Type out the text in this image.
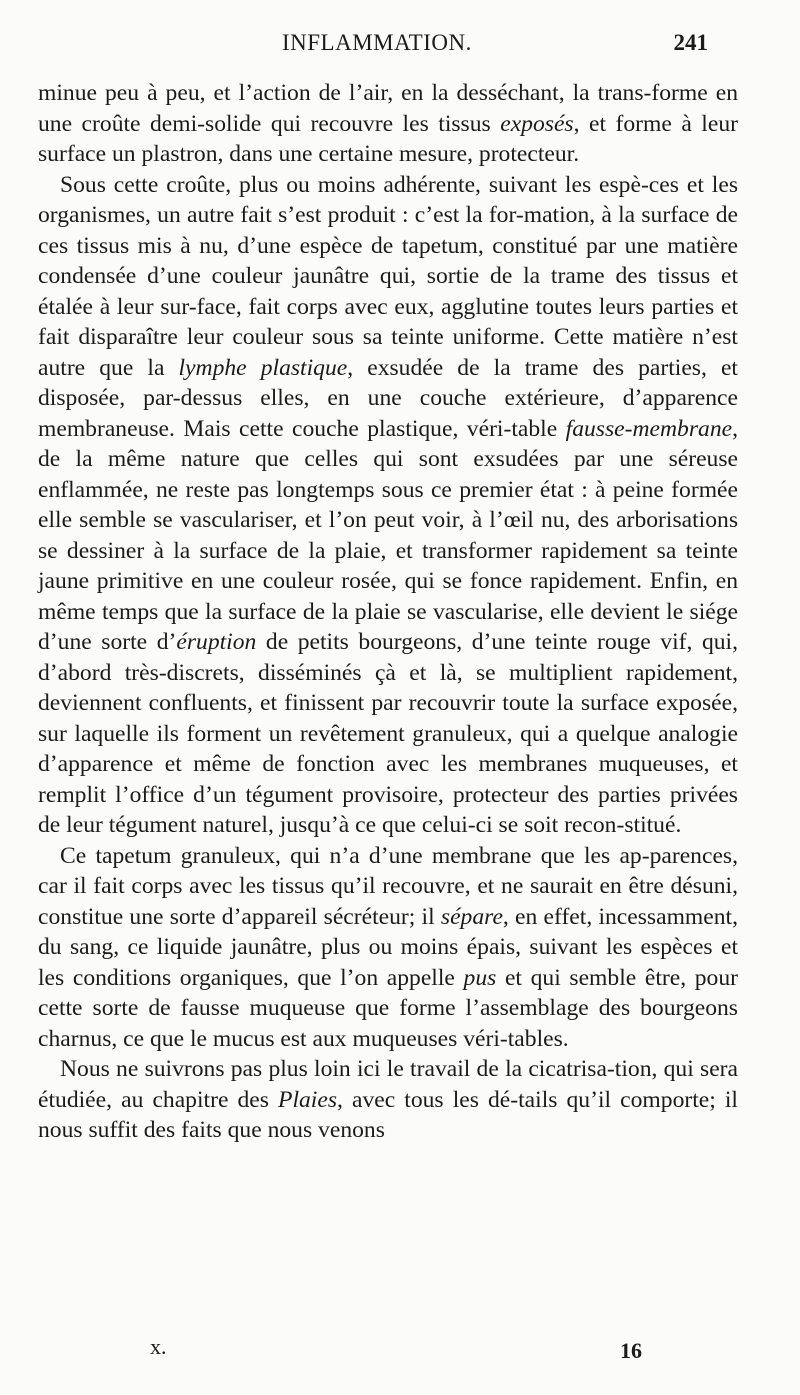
INFLAMMATION.	241

minue peu à peu, et l’action de l’air, en la desséchant, la trans-forme en une croûte demi-solide qui recouvre les tissus exposés, et forme à leur surface un plastron, dans une certaine mesure, protecteur.

Sous cette croûte, plus ou moins adhérente, suivant les espè-ces et les organismes, un autre fait s’est produit : c’est la for-mation, à la surface de ces tissus mis à nu, d’une espèce de tapetum, constitué par une matière condensée d’une couleur jaunâtre qui, sortie de la trame des tissus et étalée à leur sur-face, fait corps avec eux, agglutine toutes leurs parties et fait disparaître leur couleur sous sa teinte uniforme. Cette matière n’est autre que la lymphe plastique, exsudée de la trame des parties, et disposée, par-dessus elles, en une couche extérieure, d’apparence membraneuse. Mais cette couche plastique, véri-table fausse-membrane, de la même nature que celles qui sont exsudées par une séreuse enflammée, ne reste pas longtemps sous ce premier état : à peine formée elle semble se vasculariser, et l’on peut voir, à l’œil nu, des arborisations se dessiner à la surface de la plaie, et transformer rapidement sa teinte jaune primitive en une couleur rosée, qui se fonce rapidement. Enfin, en même temps que la surface de la plaie se vascularise, elle devient le siége d’une sorte d’éruption de petits bourgeons, d’une teinte rouge vif, qui, d’abord très-discrets, disséminés çà et là, se multiplient rapidement, deviennent confluents, et finissent par recouvrir toute la surface exposée, sur laquelle ils forment un revêtement granuleux, qui a quelque analogie d’apparence et même de fonction avec les membranes muqueuses, et remplit l’office d’un tégument provisoire, protecteur des parties privées de leur tégument naturel, jusqu’à ce que celui-ci se soit recon-stitué.

Ce tapetum granuleux, qui n’a d’une membrane que les ap-parences, car il fait corps avec les tissus qu’il recouvre, et ne saurait en être désuni, constitue une sorte d’appareil sécréteur; il sépare, en effet, incessamment, du sang, ce liquide jaunâtre, plus ou moins épais, suivant les espèces et les conditions organiques, que l’on appelle pus et qui semble être, pour cette sorte de fausse muqueuse que forme l’assemblage des bourgeons charnus, ce que le mucus est aux muqueuses véri-tables.

Nous ne suivrons pas plus loin ici le travail de la cicatrisa-tion, qui sera étudiée, au chapitre des Plaies, avec tous les dé-tails qu’il comporte; il nous suffit des faits que nous venons

x.	16
